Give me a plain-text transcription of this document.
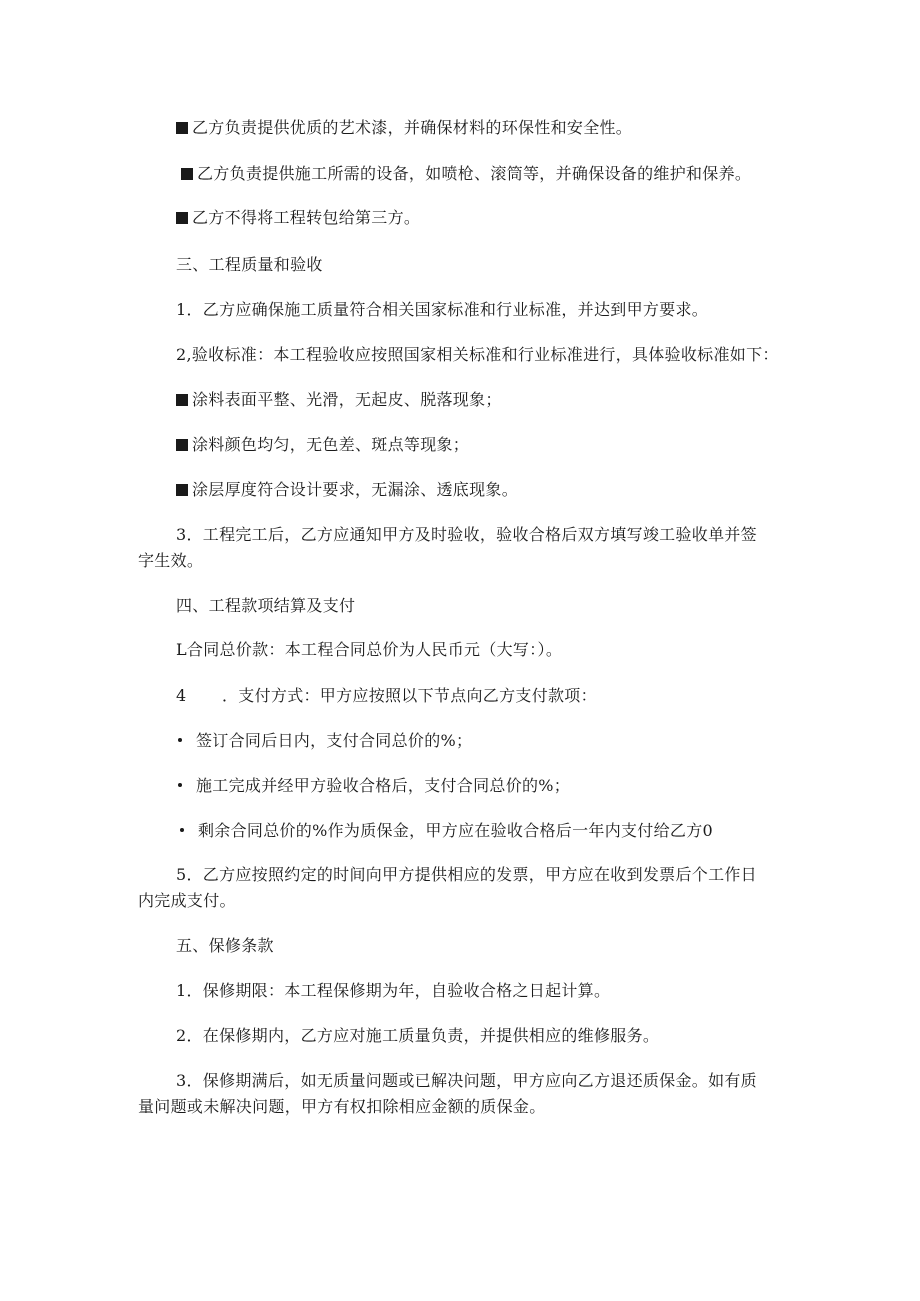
乙方负责提供优质的艺术漆，并确保材料的环保性和安全性。
乙方负责提供施工所需的设备，如喷枪、滚筒等，并确保设备的维护和保养。
乙方不得将工程转包给第三方。
三、工程质量和验收
1．乙方应确保施工质量符合相关国家标准和行业标准，并达到甲方要求。
2,验收标准：本工程验收应按照国家相关标准和行业标准进行，具体验收标准如下：
涂料表面平整、光滑，无起皮、脱落现象；
涂料颜色均匀，无色差、斑点等现象；
涂层厚度符合设计要求，无漏涂、透底现象。
3．工程完工后，乙方应通知甲方及时验收，验收合格后双方填写竣工验收单并签
字生效。
四、工程款项结算及支付
L合同总价款：本工程合同总价为人民币元（大写：）。
4 ．支付方式：甲方应按照以下节点向乙方支付款项：
签订合同后日内，支付合同总价的%；
施工完成并经甲方验收合格后，支付合同总价的%；
剩余合同总价的%作为质保金，甲方应在验收合格后一年内支付给乙方0
5．乙方应按照约定的时间向甲方提供相应的发票，甲方应在收到发票后个工作日
内完成支付。
五、保修条款
1．保修期限：本工程保修期为年，自验收合格之日起计算。
2．在保修期内，乙方应对施工质量负责，并提供相应的维修服务。
3．保修期满后，如无质量问题或已解决问题，甲方应向乙方退还质保金。如有质
量问题或未解决问题，甲方有权扣除相应金额的质保金。
